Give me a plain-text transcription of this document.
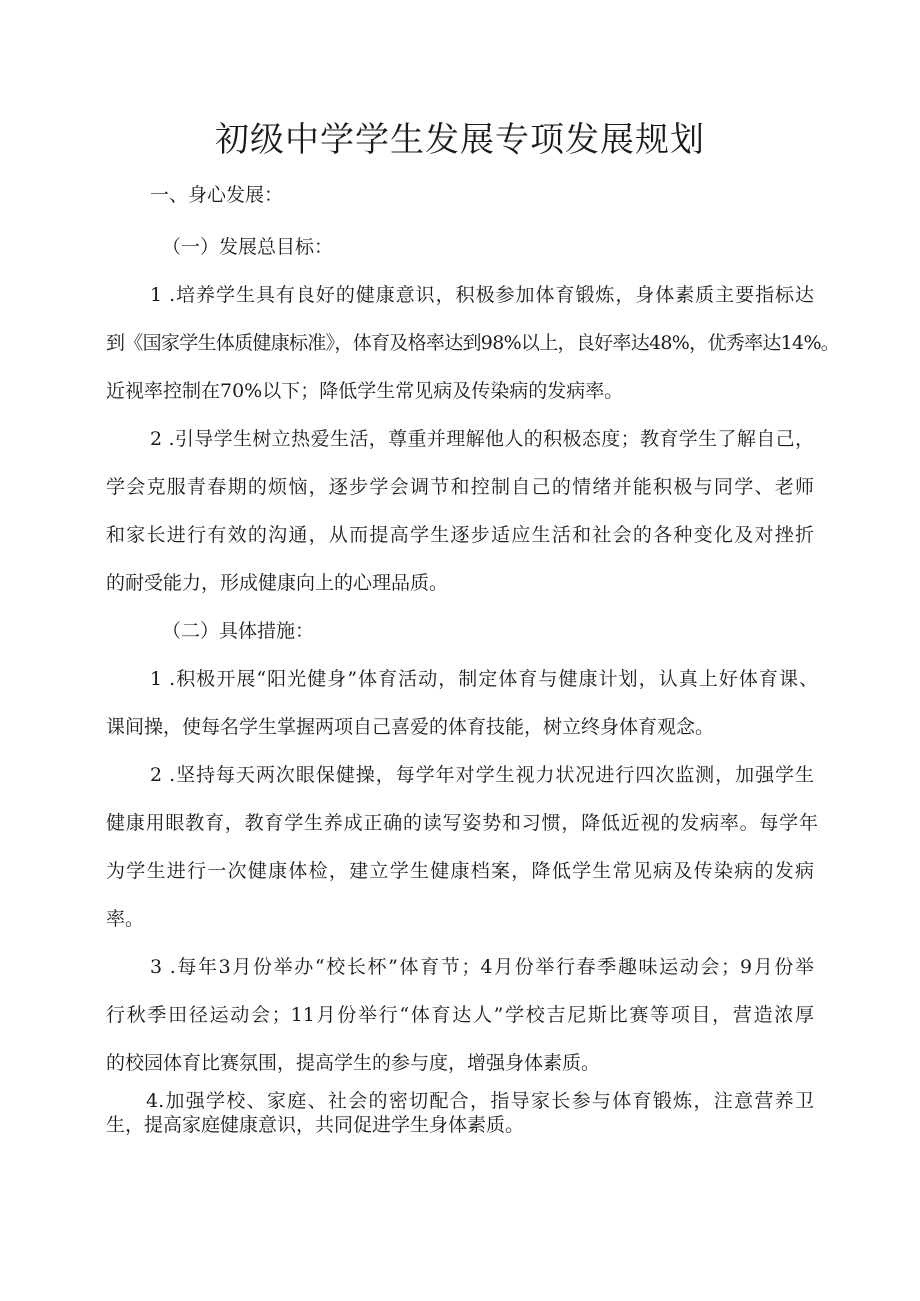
初级中学学生发展专项发展规划

一、身心发展：

（一）发展总目标：

1 .培养学生具有良好的健康意识，积极参加体育锻炼，身体素质主要指标达

到《国家学生体质健康标准》，体育及格率达到98%以上，良好率达48%，优秀率达14%。

近视率控制在70%以下；降低学生常见病及传染病的发病率。

2 .引导学生树立热爱生活，尊重并理解他人的积极态度；教育学生了解自己，

学会克服青春期的烦恼，逐步学会调节和控制自己的情绪并能积极与同学、老师

和家长进行有效的沟通，从而提高学生逐步适应生活和社会的各种变化及对挫折

的耐受能力，形成健康向上的心理品质。

（二）具体措施：

1 .积极开展“阳光健身”体育活动，制定体育与健康计划，认真上好体育课、

课间操，使每名学生掌握两项自己喜爱的体育技能，树立终身体育观念。

2 .坚持每天两次眼保健操，每学年对学生视力状况进行四次监测，加强学生

健康用眼教育，教育学生养成正确的读写姿势和习惯，降低近视的发病率。每学年

为学生进行一次健康体检，建立学生健康档案，降低学生常见病及传染病的发病

率。

3 .每年3月份举办“校长杯”体育节；4月份举行春季趣味运动会；9月份举

行秋季田径运动会；11月份举行“体育达人”学校吉尼斯比赛等项目，营造浓厚

的校园体育比赛氛围，提高学生的参与度，增强身体素质。

4.加强学校、家庭、社会的密切配合，指导家长参与体育锻炼，注意营养卫

生，提高家庭健康意识，共同促进学生身体素质。
